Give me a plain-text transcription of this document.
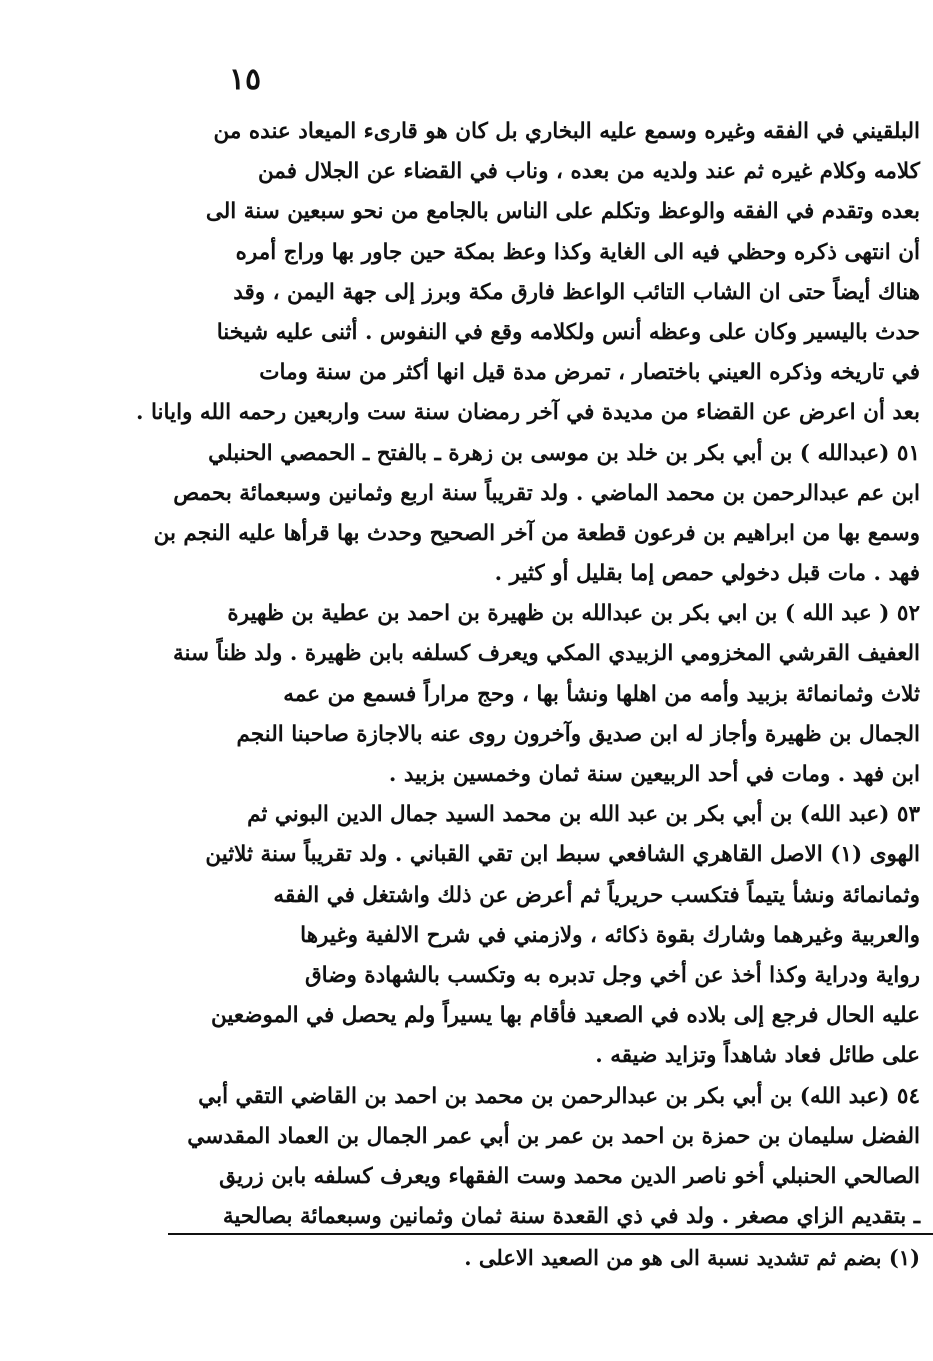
١٥
البلقيني في الفقه وغيره وسمع عليه البخاري بل كان هو قارىء الميعاد عنده من
كلامه وكلام غيره ثم عند ولديه من بعده ، وناب في القضاء عن الجلال فمن
بعده وتقدم في الفقه والوعظ وتكلم على الناس بالجامع من نحو سبعين سنة الى
أن انتهى ذكره وحظي فيه الى الغاية وكذا وعظ بمكة حين جاور بها وراج أمره
هناك أيضاً حتى ان الشاب التائب الواعظ فارق مكة وبرز إلى جهة اليمن ، وقد
حدث باليسير وكان على وعظه أنس ولكلامه وقع في النفوس . أثنى عليه شيخنا
في تاريخه وذكره العيني باختصار ، تمرض مدة قيل انها أكثر من سنة ومات
بعد أن اعرض عن القضاء من مديدة في آخر رمضان سنة ست واربعين رحمه الله وايانا .
٥١ (عبدالله ) بن أبي بكر بن خلد بن موسى بن زهرة ـ بالفتح ـ الحمصي الحنبلي
ابن عم عبدالرحمن بن محمد الماضي . ولد تقريباً سنة اربع وثمانين وسبعمائة بحمص
وسمع بها من ابراهيم بن فرعون قطعة من آخر الصحيح وحدث بها قرأها عليه النجم بن
فهد . مات قبل دخولي حمص إما بقليل أو كثير .
٥٢ ( عبد الله ) بن ابي بكر بن عبدالله بن ظهيرة بن احمد بن عطية بن ظهيرة
العفيف القرشي المخزومي الزبيدي المكي ويعرف كسلفه بابن ظهيرة . ولد ظناً سنة
ثلاث وثمانمائة بزبيد وأمه من اهلها ونشأ بها ، وحج مراراً فسمع من عمه
الجمال بن ظهيرة وأجاز له ابن صديق وآخرون روى عنه بالاجازة صاحبنا النجم
ابن فهد . ومات في أحد الربيعين سنة ثمان وخمسين بزبيد .
٥٣ (عبد الله) بن أبي بكر بن عبد الله بن محمد السيد جمال الدين البوني ثم
الهوى (١) الاصل القاهري الشافعي سبط ابن تقي القباني . ولد تقريباً سنة ثلاثين
وثمانمائة ونشأ يتيماً فتكسب حريرياً ثم أعرض عن ذلك واشتغل في الفقه
والعربية وغيرهما وشارك بقوة ذكائه ، ولازمني في شرح الالفية وغيرها
رواية ودراية وكذا أخذ عن أخي وجل تدبره به وتكسب بالشهادة وضاق
عليه الحال فرجع إلى بلاده في الصعيد فأقام بها يسيراً ولم يحصل في الموضعين
على طائل فعاد شاهداً وتزايد ضيقه .
٥٤ (عبد الله) بن أبي بكر بن عبدالرحمن بن محمد بن احمد بن القاضي التقي أبي
الفضل سليمان بن حمزة بن احمد بن عمر بن أبي عمر الجمال بن العماد المقدسي
الصالحي الحنبلي أخو ناصر الدين محمد وست الفقهاء ويعرف كسلفه بابن زريق
ـ بتقديم الزاي مصغر . ولد في ذي القعدة سنة ثمان وثمانين وسبعمائة بصالحية
(١) بضم ثم تشديد نسبة الى هو من الصعيد الاعلى .
